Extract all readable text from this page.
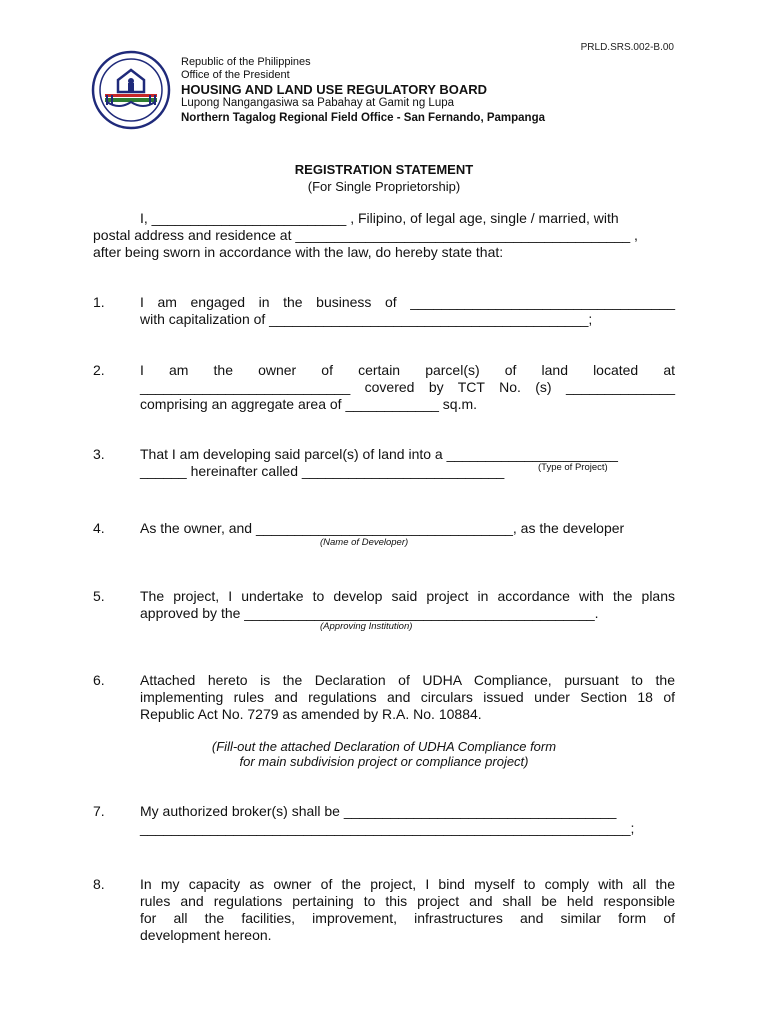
PRLD.SRS.002-B.00
Republic of the Philippines
Office of the President
HOUSING AND LAND USE REGULATORY BOARD
Lupong Nangangasiwa sa Pabahay at Gamit ng Lupa
Northern Tagalog Regional Field Office - San Fernando, Pampanga
REGISTRATION STATEMENT
(For Single Proprietorship)
I, _________________________ , Filipino, of legal age, single / married, with
postal address and residence at ___________________________________________ ,
after being sworn in accordance with the law, do hereby state that:
1.	I am engaged in the business of __________________________________
with capitalization of _________________________________________;
2.	I am the owner of certain parcel(s) of land located at
___________________________ covered by TCT No. (s) ______________
comprising an aggregate area of ____________ sq.m.
3.	That I am developing said parcel(s) of land into a ______________________
(Type of Project)
______ hereinafter called __________________________
4.	As the owner, and _________________________________, as the developer
(Name of Developer)
5.	The project, I undertake to develop said project in accordance with the plans
approved by the _____________________________________________.
(Approving Institution)
6.	Attached hereto is the Declaration of UDHA Compliance, pursuant to the
implementing rules and regulations and circulars issued under Section 18 of
Republic Act No. 7279 as amended by R.A. No. 10884.
(Fill-out the attached Declaration of UDHA Compliance form
for main subdivision project or compliance project)
7.	My authorized broker(s) shall be ___________________________________
_______________________________________________________________;
8.	In my capacity as owner of the project, I bind myself to comply with all the
rules and regulations pertaining to this project and shall be held responsible
for all the facilities, improvement, infrastructures and similar form of
development hereon.
